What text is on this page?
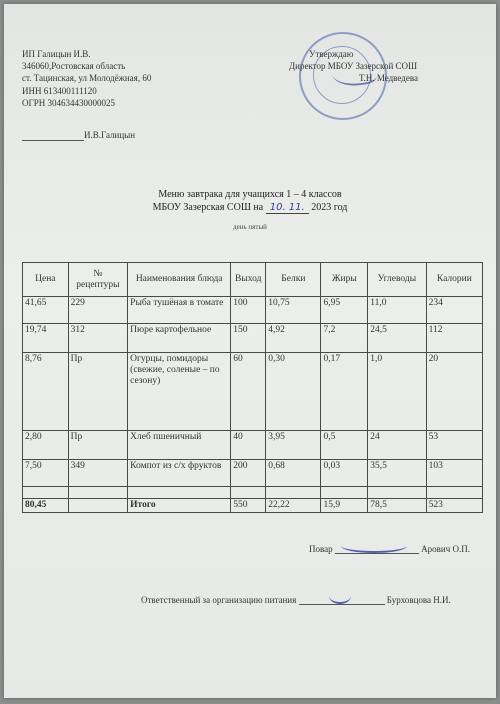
ИП Галицын И.В.
346060,Ростовская область
ст. Тацинская, ул Молодёжная, 60
ИНН 613400111120
ОГРН 304634430000025
И.В.Галицын
Утверждаю
Директор МБОУ Зазерской СОШ
Т.Н. Медведева
Меню завтрака для учащихся 1 – 4 классов
МБОУ Зазерская СОШ на 10. 11. 2023 год
день пятый
Цена	№ рецептуры	Наименования блюда	Выход	Белки	Жиры	Углеводы	Калории
41,65	229	Рыба тушёная в томате	100	10,75	6,95	11,0	234
19,74	312	Пюре картофельное	150	4,92	7,2	24,5	112
8,76	Пр	Огурцы, помидоры (свежие, соленые – по сезону)	60	0,30	0,17	1,0	20
2,80	Пр	Хлеб пшеничный	40	3,95	0,5	24	53
7,50	349	Компот из с/х фруктов	200	0,68	0,03	35,5	103

80,45		Итого	550	22,22	15,9	78,5	523
Повар	Арович О.П.
Ответственный за организацию питания	Бурховцова Н.И.
